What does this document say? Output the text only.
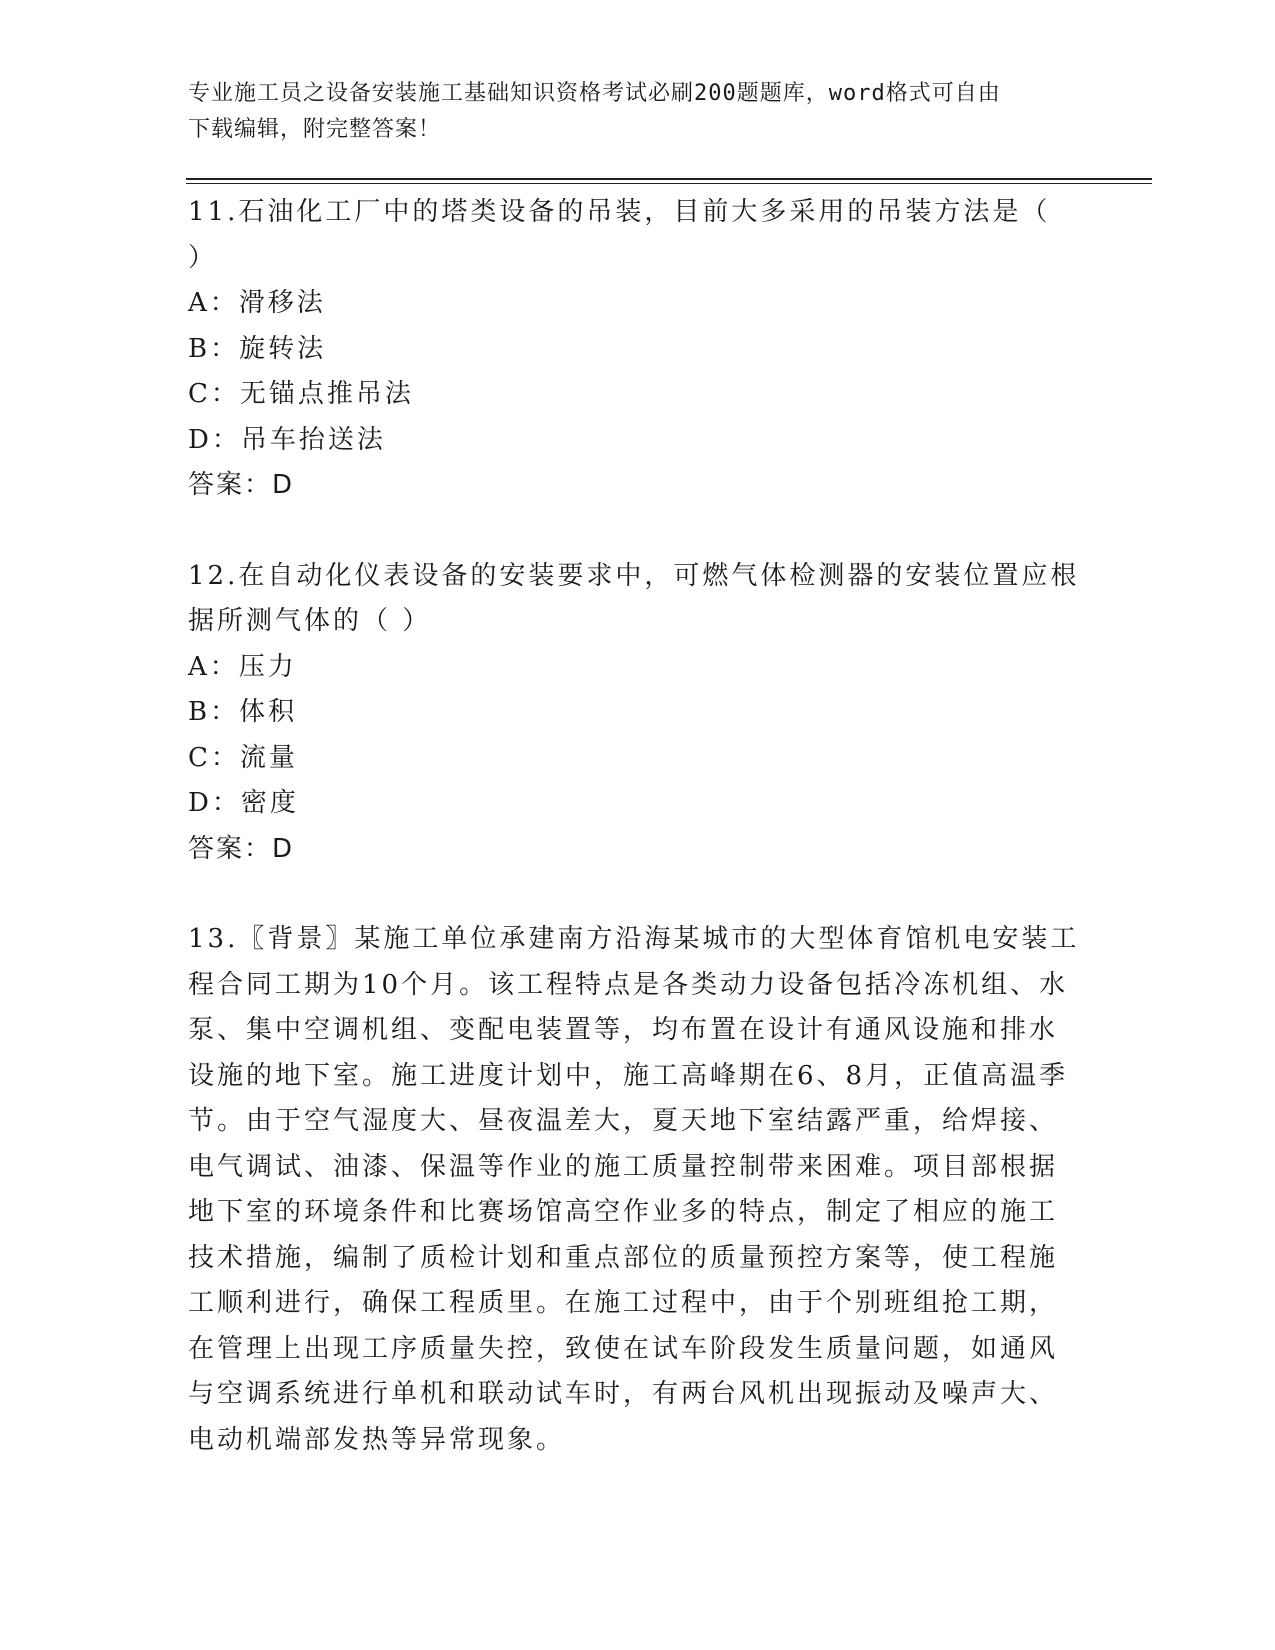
专业施工员之设备安装施工基础知识资格考试必刷200题题库，word格式可自由
下载编辑，附完整答案！

11.石油化工厂中的塔类设备的吊装，目前大多采用的吊装方法是（

）

A：滑移法

B：旋转法

C：无锚点推吊法

D：吊车抬送法

答案：D

12.在自动化仪表设备的安装要求中，可燃气体检测器的安装位置应根

据所测气体的（ ）

A：压力

B：体积

C：流量

D：密度

答案：D

13.〖背景〗某施工单位承建南方沿海某城市的大型体育馆机电安装工

程合同工期为10个月。该工程特点是各类动力设备包括冷冻机组、水

泵、集中空调机组、变配电装置等，均布置在设计有通风设施和排水

设施的地下室。施工进度计划中，施工高峰期在6、8月，正值高温季

节。由于空气湿度大、昼夜温差大，夏天地下室结露严重，给焊接、

电气调试、油漆、保温等作业的施工质量控制带来困难。项目部根据

地下室的环境条件和比赛场馆高空作业多的特点，制定了相应的施工

技术措施，编制了质检计划和重点部位的质量预控方案等，使工程施

工顺利进行，确保工程质里。在施工过程中，由于个别班组抢工期，

在管理上出现工序质量失控，致使在试车阶段发生质量问题，如通风

与空调系统进行单机和联动试车时，有两台风机出现振动及噪声大、

电动机端部发热等异常现象。
